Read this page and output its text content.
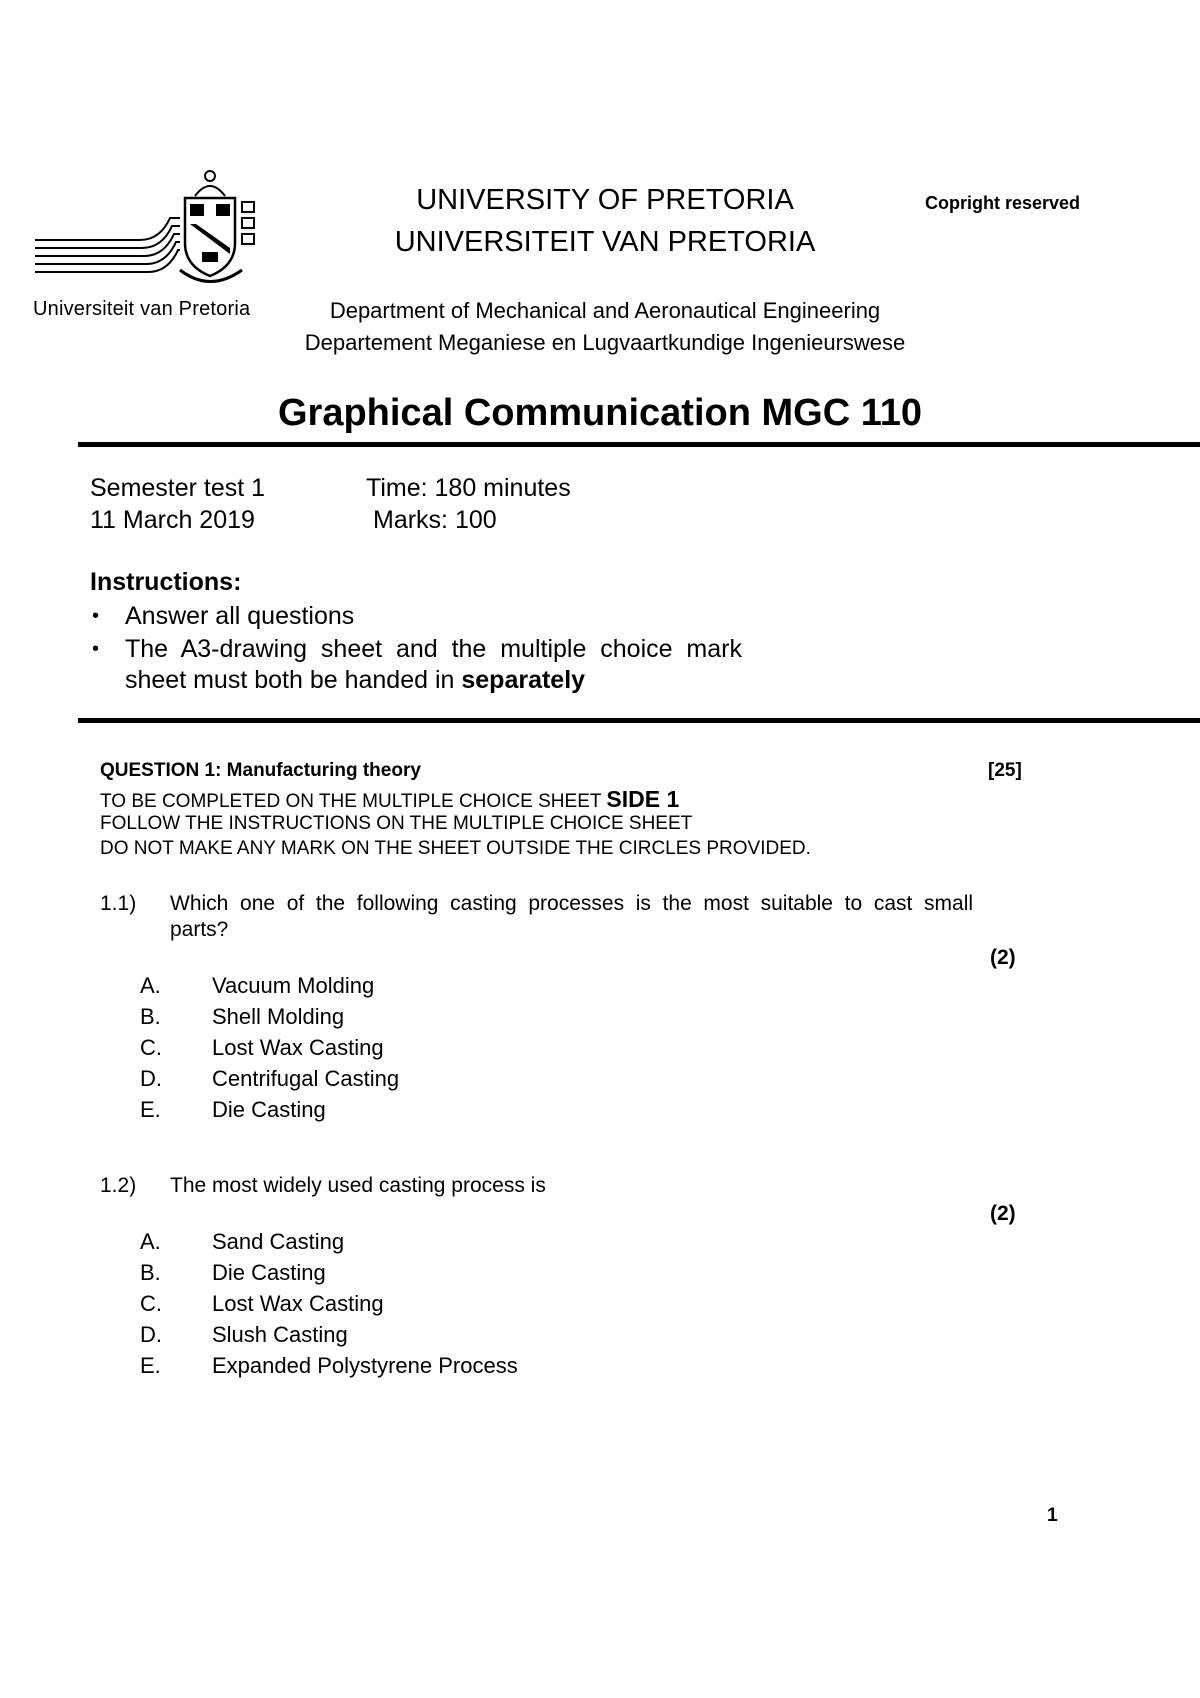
Universiteit van Pretoria
UNIVERSITY OF PRETORIA
UNIVERSITEIT VAN PRETORIA
Copright reserved
Department of Mechanical and Aeronautical Engineering
Departement Meganiese en Lugvaartkundige Ingenieurswese
Graphical Communication MGC 110
Semester test 1
11 March 2019
Time: 180 minutes
Marks: 100
Instructions:
• Answer all questions
• The  A3-drawing  sheet  and  the  multiple  choice  mark
sheet must both be handed in separately
QUESTION 1: Manufacturing theory	[25]
TO BE COMPLETED ON THE MULTIPLE CHOICE SHEET SIDE 1
FOLLOW THE INSTRUCTIONS ON THE MULTIPLE CHOICE SHEET
DO NOT MAKE ANY MARK ON THE SHEET OUTSIDE THE CIRCLES PROVIDED.
1.1) Which  one  of  the  following  casting  processes  is  the  most  suitable  to  cast  small
parts?
(2)
A. Vacuum Molding
B. Shell Molding
C. Lost Wax Casting
D. Centrifugal Casting
E. Die Casting
1.2) The most widely used casting process is
(2)
A. Sand Casting
B. Die Casting
C. Lost Wax Casting
D. Slush Casting
E. Expanded Polystyrene Process
1
